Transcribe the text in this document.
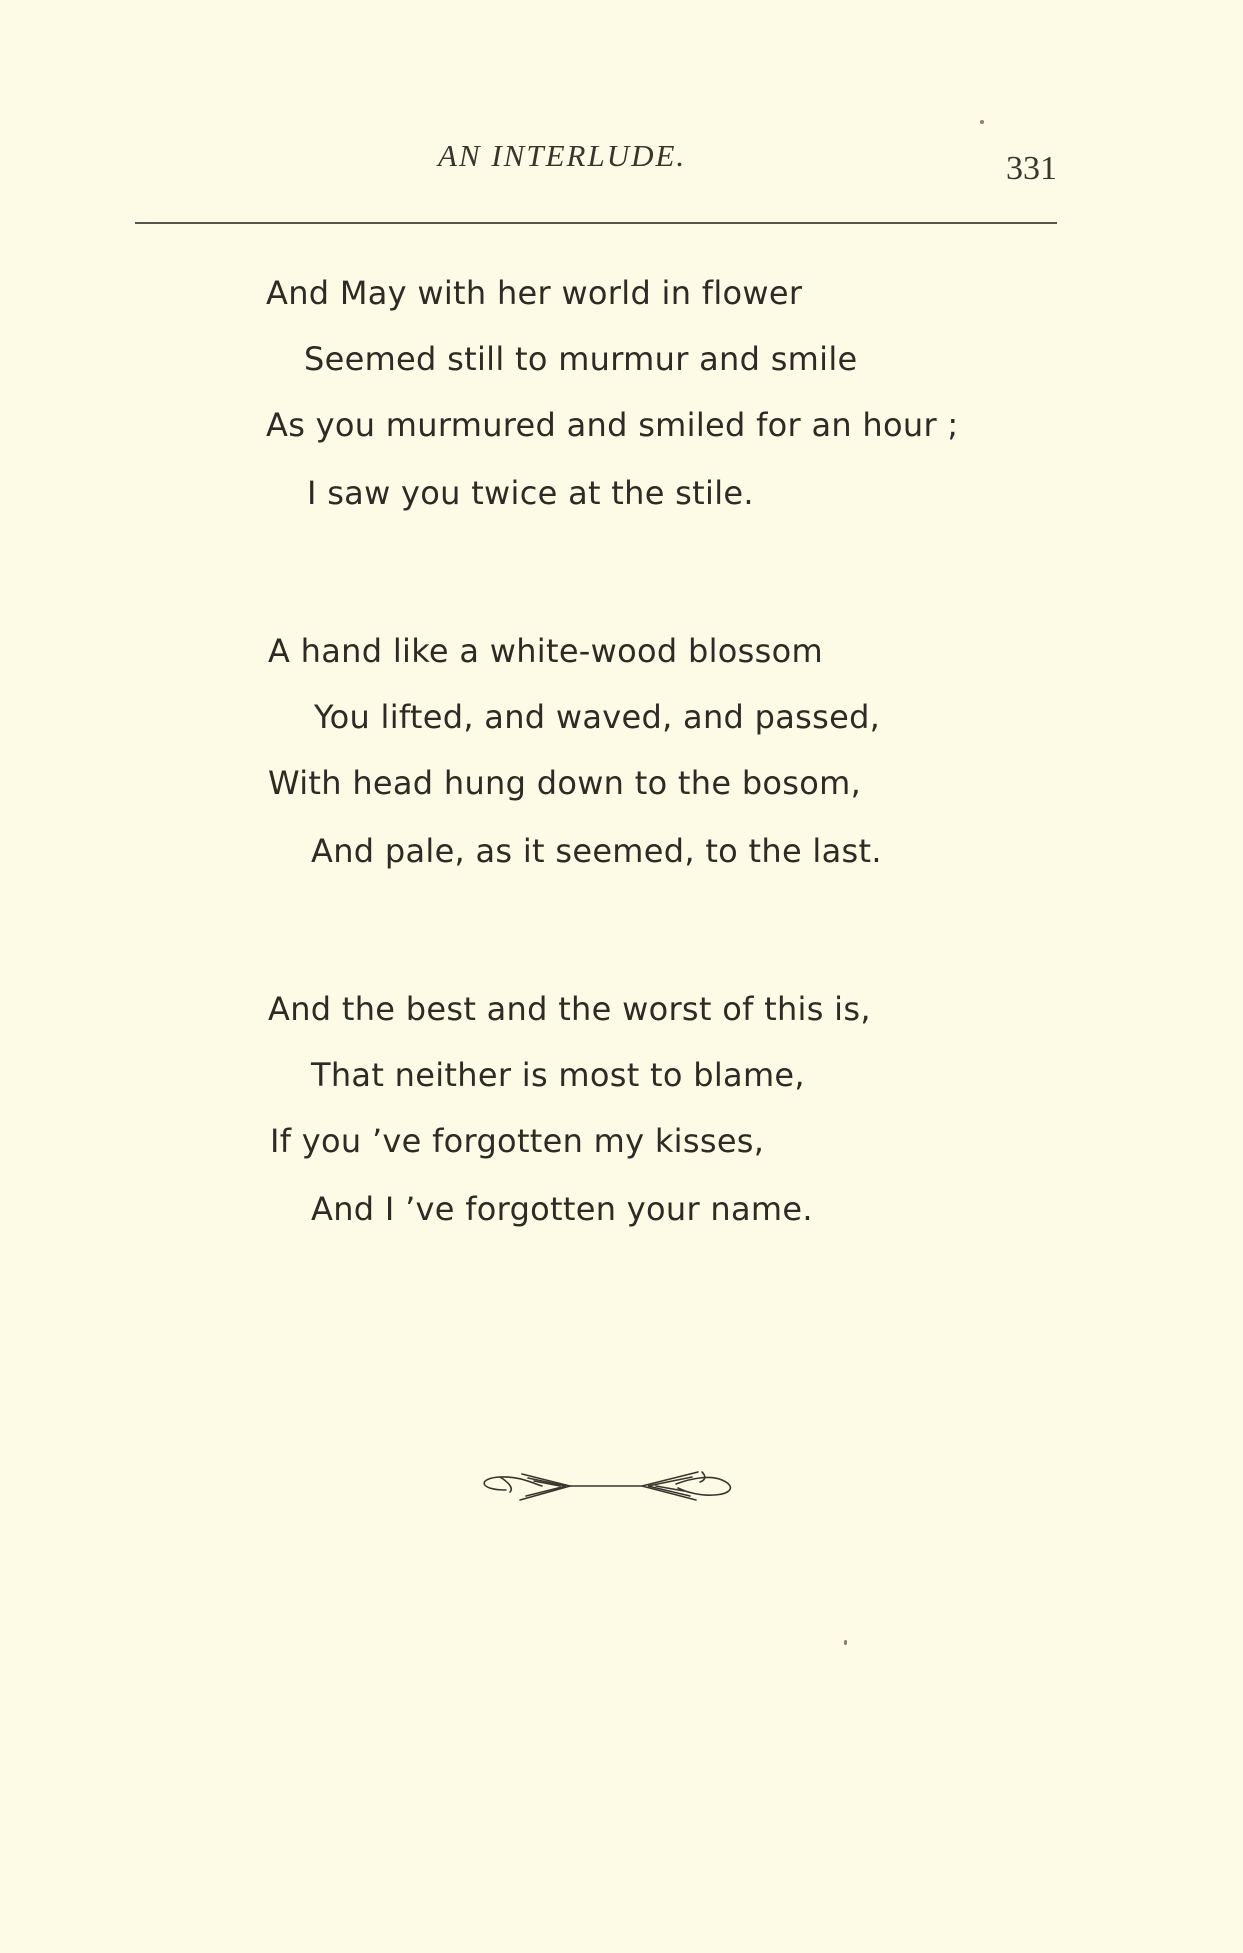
AN INTERLUDE.	331
And May with her world in flower
Seemed still to murmur and smile
As you murmured and smiled for an hour ;
I saw you twice at the stile.
A hand like a white-wood blossom
You lifted, and waved, and passed,
With head hung down to the bosom,
And pale, as it seemed, to the last.
And the best and the worst of this is,
That neither is most to blame,
If you ’ve forgotten my kisses,
And I ’ve forgotten your name.
